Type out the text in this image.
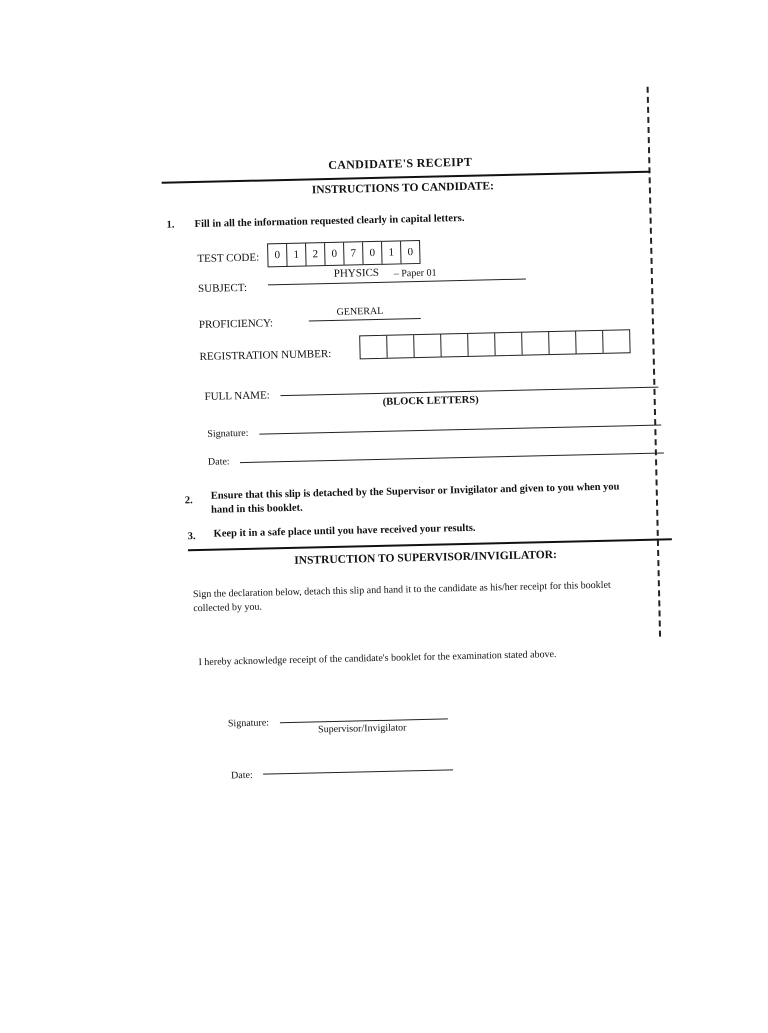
CANDIDATE'S RECEIPT
INSTRUCTIONS TO CANDIDATE:
1. Fill in all the information requested clearly in capital letters.
TEST CODE:	0	1	2	0	7	0	1	0
SUBJECT:
PHYSICS – Paper 01
PROFICIENCY:
GENERAL
REGISTRATION NUMBER:
FULL NAME:	(BLOCK LETTERS)
Signature:
Date:
2. Ensure that this slip is detached by the Supervisor or Invigilator and given to you when you
hand in this booklet.
3. Keep it in a safe place until you have received your results.
INSTRUCTION TO SUPERVISOR/INVIGILATOR:
Sign the declaration below, detach this slip and hand it to the candidate as his/her receipt for this booklet
collected by you.
I hereby acknowledge receipt of the candidate's booklet for the examination stated above.
Signature:	Supervisor/Invigilator
Date:
